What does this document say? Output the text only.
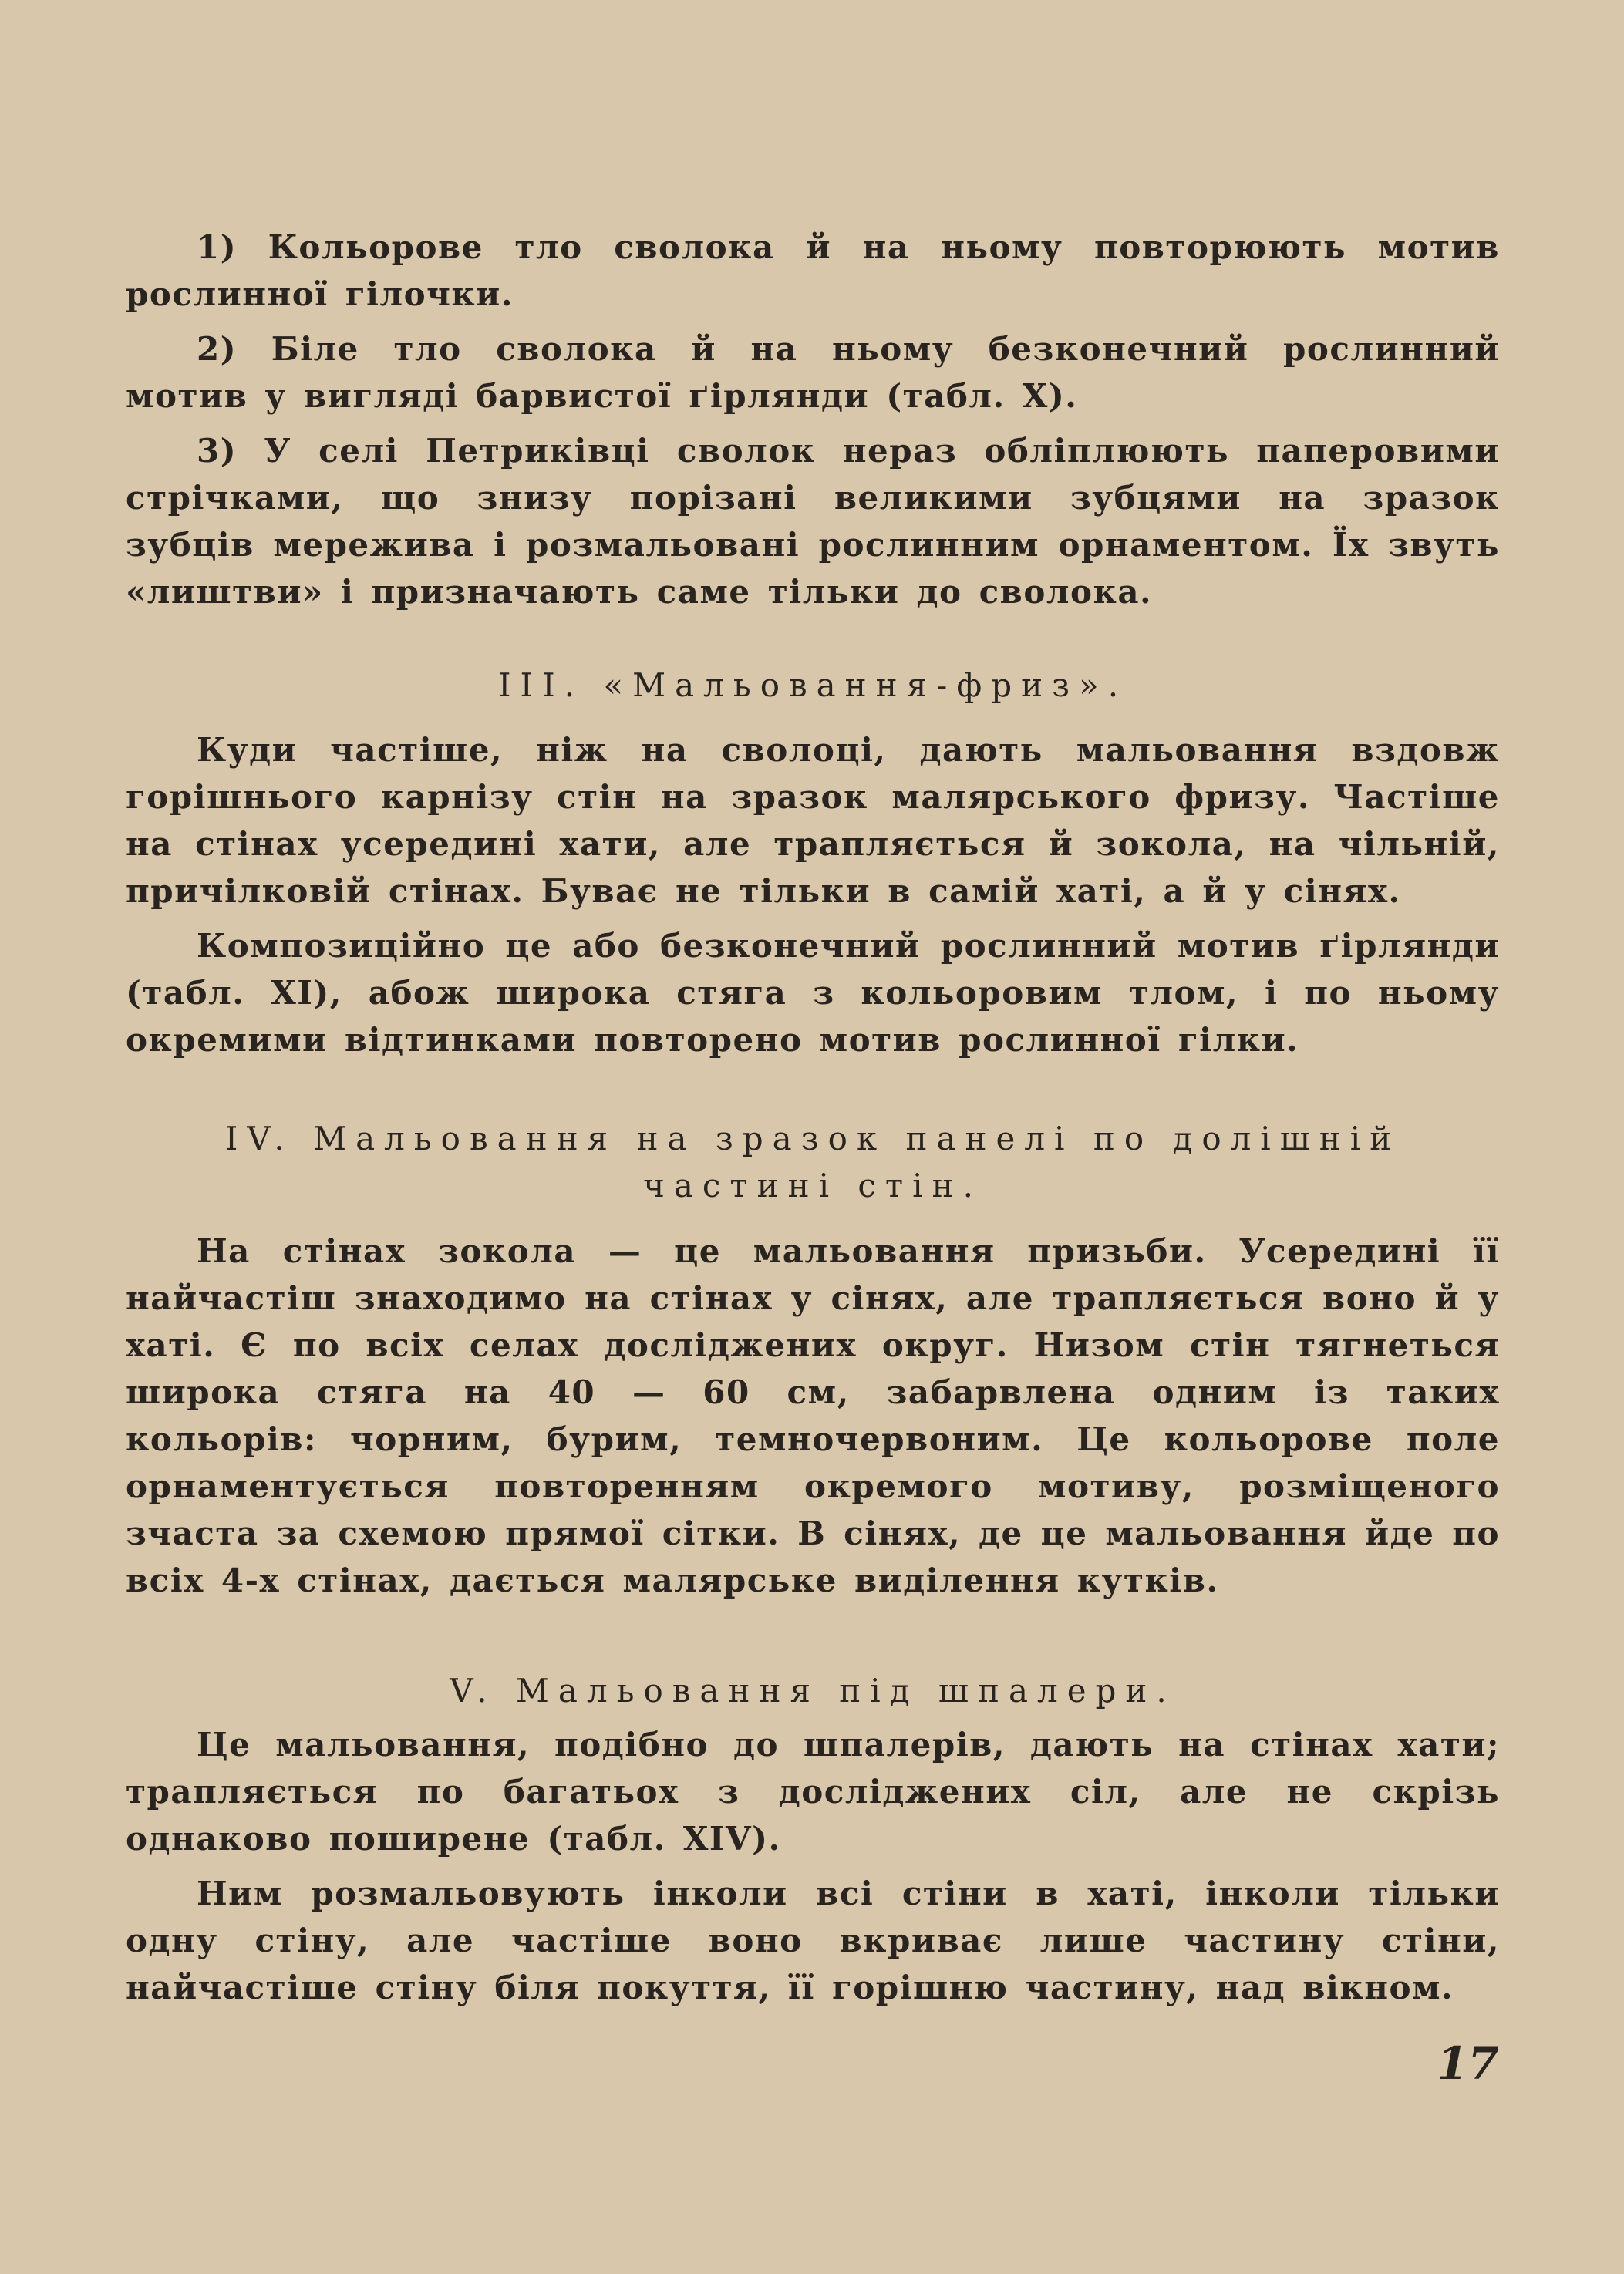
1) Кольорове тло сволока й на ньому повторюють мотив рослинної гілочки.

2) Біле тло сволока й на ньому безконечний рослинний мотив у вигляді барвистої ґірлянди (табл. X).

3) У селі Петриківці сволок нераз обліплюють паперовими стрічками, що знизу порізані великими зубцями на зразок зубців мережива і розмальовані рослинним орнаментом. Їх звуть «лиштви» і призначають саме тільки до сволока.

III. «Мальовання-фриз».

Куди частіше, ніж на сволоці, дають мальовання вздовж горішнього карнізу стін на зразок малярського фризу. Частіше на стінах усередині хати, але трапляється й зокола, на чільній, причілковій стінах. Буває не тільки в самій хаті, а й у сінях.

Композиційно це або безконечний рослинний мотив ґірлянди (табл. XI), абож широка стяга з кольоровим тлом, і по ньому окремими відтинками повторено мотив рослинної гілки.

IV. Мальовання на зразок панелі по долішній
частині стін.

На стінах зокола — це мальовання призьби. Усередині її найчастіш знаходимо на стінах у сінях, але трапляється воно й у хаті. Є по всіх селах досліджених округ. Низом стін тягнеться широка стяга на 40 — 60 см, забарвлена одним із таких кольорів: чорним, бурим, темночервоним. Це кольорове поле орнаментується повторенням окремого мотиву, розміщеного зчаста за схемою прямої сітки. В сінях, де це мальовання йде по всіх 4-х стінах, дається малярське виділення кутків.

V. Мальовання під шпалери.

Це мальовання, подібно до шпалерів, дають на стінах хати; трапляється по багатьох з досліджених сіл, але не скрізь однаково поширене (табл. XIV).

Ним розмальовують інколи всі стіни в хаті, інколи тільки одну стіну, але частіше воно вкриває лише частину стіни, найчастіше стіну біля покуття, її горішню частину, над вікном.

17
